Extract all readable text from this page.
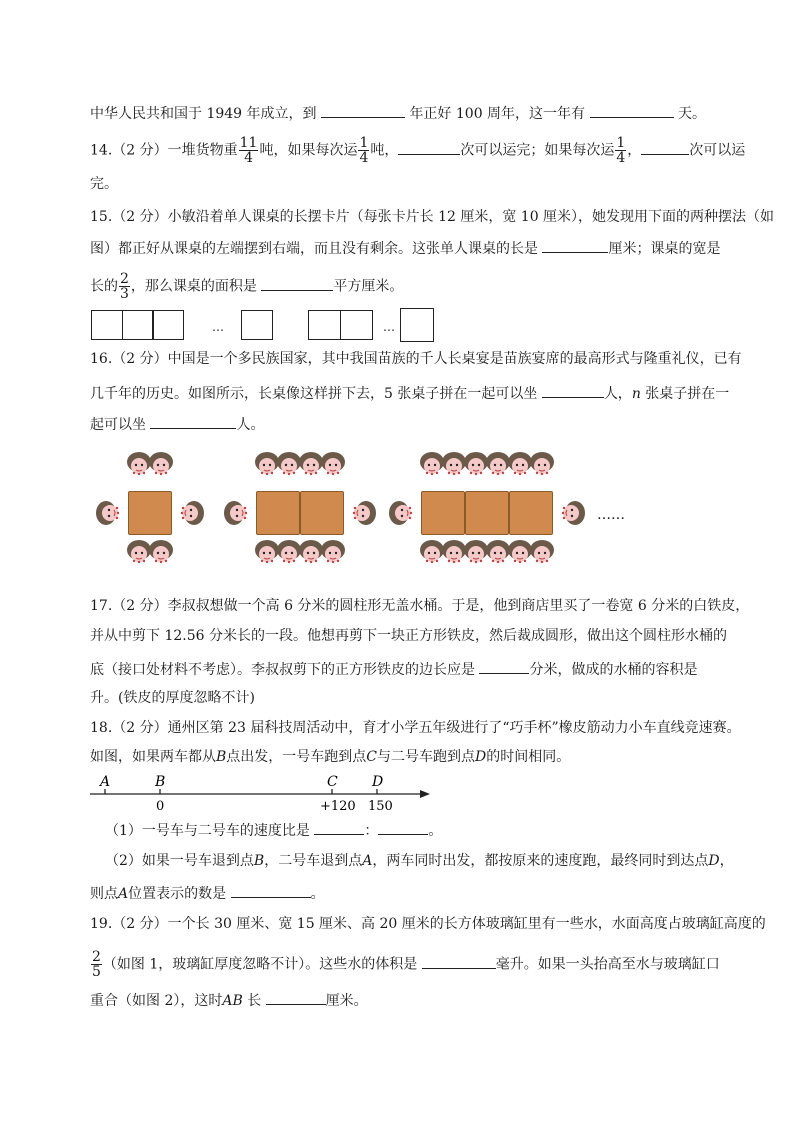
中华人民共和国于 1949 年成立，到	年正好 100 周年，这一年有	天。
14.（2 分）一堆货物重 $\frac{11}{4}$ 吨，如果每次运 $\frac{1}{4}$ 吨，	次可以运完；如果每次运 $\frac{1}{4}$ ，	次可以运
完。
15.（2 分）小敏沿着单人课桌的长摆卡片（每张卡片长 12 厘米，宽 10 厘米），她发现用下面的两种摆法（如
图）都正好从课桌的左端摆到右端，而且没有剩余。这张单人课桌的长是	厘米；课桌的宽是
长的 $\frac{2}{3}$ ，那么课桌的面积是	平方厘米。
…	…
16.（2 分）中国是一个多民族国家，其中我国苗族的千人长桌宴是苗族宴席的最高形式与隆重礼仪，已有
几千年的历史。如图所示，长桌像这样拼下去，5 张桌子拼在一起可以坐	人，n 张桌子拼在一
起可以坐	人。
……
17.（2 分）李叔叔想做一个高 6 分米的圆柱形无盖水桶。于是，他到商店里买了一卷宽 6 分米的白铁皮，
并从中剪下 12.56 分米长的一段。他想再剪下一块正方形铁皮，然后裁成圆形，做出这个圆柱形水桶的
底（接口处材料不考虑）。李叔叔剪下的正方形铁皮的边长应是	分米，做成的水桶的容积是
升。(铁皮的厚度忽略不计)
18.（2 分）通州区第 23 届科技周活动中，育才小学五年级进行了“巧手杯”橡皮筋动力小车直线竞速赛。
如图，如果两车都从B点出发，一号车跑到点C与二号车跑到点D的时间相同。
A	B	C D
0	+120 150
（1）一号车与二号车的速度比是	：	。
（2）如果一号车退到点B，二号车退到点A，两车同时出发，都按原来的速度跑，最终同时到达点D，
则点A位置表示的数是	。
19.（2 分）一个长 30 厘米、宽 15 厘米、高 20 厘米的长方体玻璃缸里有一些水，水面高度占玻璃缸高度的
$\frac{2}{5}$ （如图 1，玻璃缸厚度忽略不计）。这些水的体积是	毫升。如果一头抬高至水与玻璃缸口
重合（如图 2），这时AB 长	厘米。
